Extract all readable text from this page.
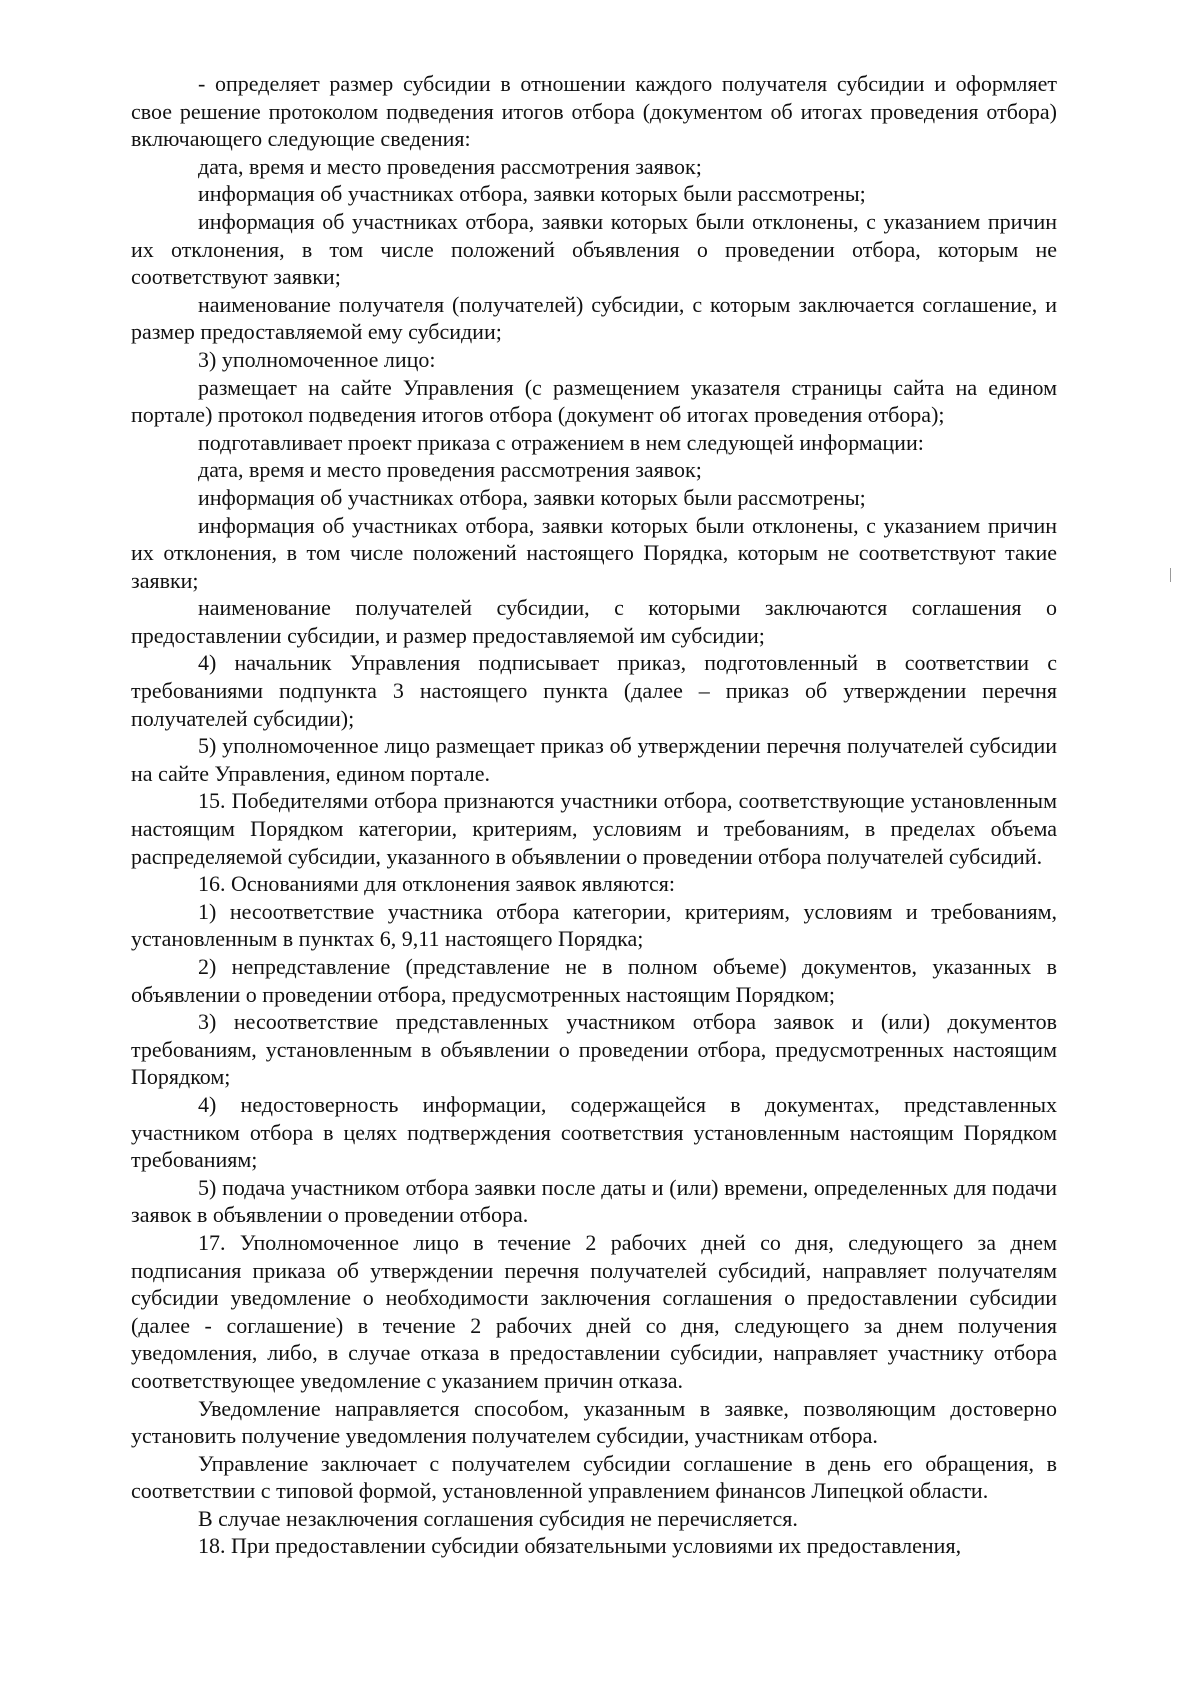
- определяет размер субсидии в отношении каждого получателя субсидии и оформляет свое решение протоколом подведения итогов отбора (документом об итогах проведения отбора) включающего следующие сведения:

дата, время и место проведения рассмотрения заявок;

информация об участниках отбора, заявки которых были рассмотрены;

информация об участниках отбора, заявки которых были отклонены, с указанием причин их отклонения, в том числе положений объявления о проведении отбора, которым не соответствуют заявки;

наименование получателя (получателей) субсидии, с которым заключается соглашение, и размер предоставляемой ему субсидии;

3) уполномоченное лицо:

размещает на сайте Управления (с размещением указателя страницы сайта на едином портале) протокол подведения итогов отбора (документ об итогах проведения отбора);

подготавливает проект приказа с отражением в нем следующей информации:

дата, время и место проведения рассмотрения заявок;

информация об участниках отбора, заявки которых были рассмотрены;

информация об участниках отбора, заявки которых были отклонены, с указанием причин их отклонения, в том числе положений настоящего Порядка, которым не соответствуют такие заявки;

наименование получателей субсидии, с которыми заключаются соглашения о предоставлении субсидии, и размер предоставляемой им субсидии;

4) начальник Управления подписывает приказ, подготовленный в соответствии с требованиями подпункта 3 настоящего пункта (далее – приказ об утверждении перечня получателей субсидии);

5) уполномоченное лицо размещает приказ об утверждении перечня получателей субсидии на сайте Управления, едином портале.

15. Победителями отбора признаются участники отбора, соответствующие установленным настоящим Порядком категории, критериям, условиям и требованиям, в пределах объема распределяемой субсидии, указанного в объявлении о проведении отбора получателей субсидий.

16. Основаниями для отклонения заявок являются:

1) несоответствие участника отбора категории, критериям, условиям и требованиям, установленным в пунктах 6, 9,11 настоящего Порядка;

2) непредставление (представление не в полном объеме) документов, указанных в объявлении о проведении отбора, предусмотренных настоящим Порядком;

3) несоответствие представленных участником отбора заявок и (или) документов требованиям, установленным в объявлении о проведении отбора, предусмотренных настоящим Порядком;

4) недостоверность информации, содержащейся в документах, представленных участником отбора в целях подтверждения соответствия установленным настоящим Порядком требованиям;

5) подача участником отбора заявки после даты и (или) времени, определенных для подачи заявок в объявлении о проведении отбора.

17. Уполномоченное лицо в течение 2 рабочих дней со дня, следующего за днем подписания приказа об утверждении перечня получателей субсидий, направляет получателям субсидии уведомление о необходимости заключения соглашения о предоставлении субсидии (далее - соглашение) в течение 2 рабочих дней со дня, следующего за днем получения уведомления, либо, в случае отказа в предоставлении субсидии, направляет участнику отбора соответствующее уведомление с указанием причин отказа.

Уведомление направляется способом, указанным в заявке, позволяющим достоверно установить получение уведомления получателем субсидии, участникам отбора.

Управление заключает с получателем субсидии соглашение в день его обращения, в соответствии с типовой формой, установленной управлением финансов Липецкой области.

В случае незаключения соглашения субсидия не перечисляется.

18. При предоставлении субсидии обязательными условиями их предоставления,
